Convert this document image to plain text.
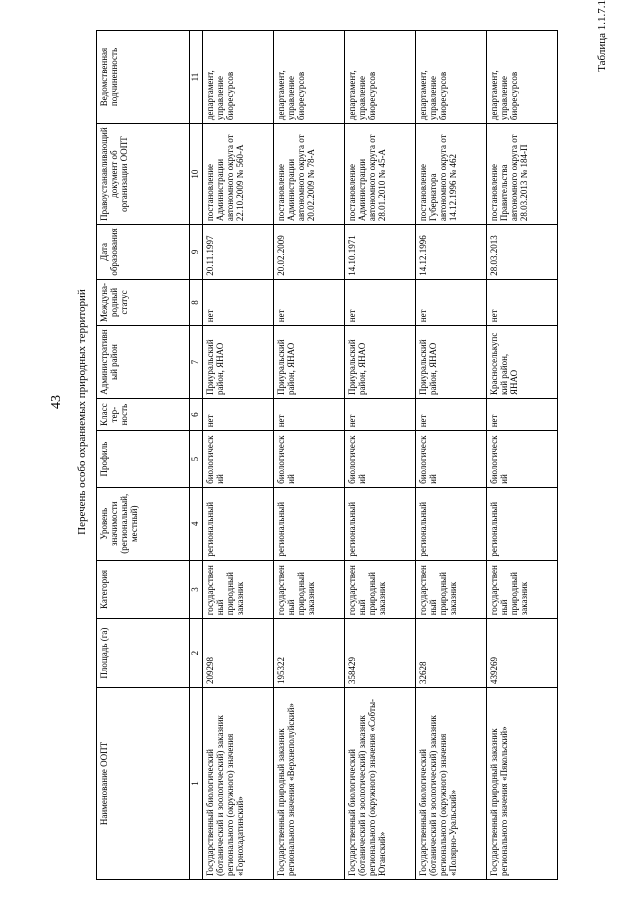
43	Перечень особо охраняемых природных территорий
Таблица 1.1.7.1
Наименование ООПТ	Площадь (га)	Категория	Уровень значимости (региональный, местный)	Профиль	Класс тер-ность	Административный район	Междуна-родный статус	Дата образования	Правоустанавливающий документ об организации ООПТ	Ведомственная подчиненность
1	2	3	4	5	6	7	8	9	10	11
Государственный биологический (ботанический и зоологический) заказник регионального (окружного) значения «Горнохадатинский»	209298	государственный природный заказник	региональный	биологический	нет	Приуральский район, ЯНАО	нет	20.11.1997	постановление Администрации автономного округа от 22.10.2009 № 560-А	департамент, управление биоресурсов
Государственный природный заказник регионального значения «Верхнеполуйский»	195322	государственный природный заказник	региональный	биологический	нет	Приуральский район, ЯНАО	нет	20.02.2009	постановление Администрации автономного округа от 20.02.2009 № 78-А	департамент, управление биоресурсов
Государственный биологический (ботанический и зоологический) заказник регионального (окружного) значения «Собты-Юганский»	358429	государственный природный заказник	региональный	биологический	нет	Приуральский район, ЯНАО	нет	14.10.1971	постановление Администрации автономного округа от 28.01.2010 № 45-А	департамент, управление биоресурсов
Государственный биологический (ботанический и зоологический) заказник регионального (окружного) значения «Полярно-Уральский»	32628	государственный природный заказник	региональный	биологический	нет	Приуральский район, ЯНАО	нет	14.12.1996	постановление Губернатора автономного округа от 14.12.1996 № 462	департамент, управление биоресурсов
Государственный природный заказник регионального значения «Пякольский»	439269	государственный природный заказник	региональный	биологический	нет	Красноселькупский район, ЯНАО	нет	28.03.2013	постановление Правительства автономного округа от 28.03.2013 № 184-П	департамент, управление биоресурсов
